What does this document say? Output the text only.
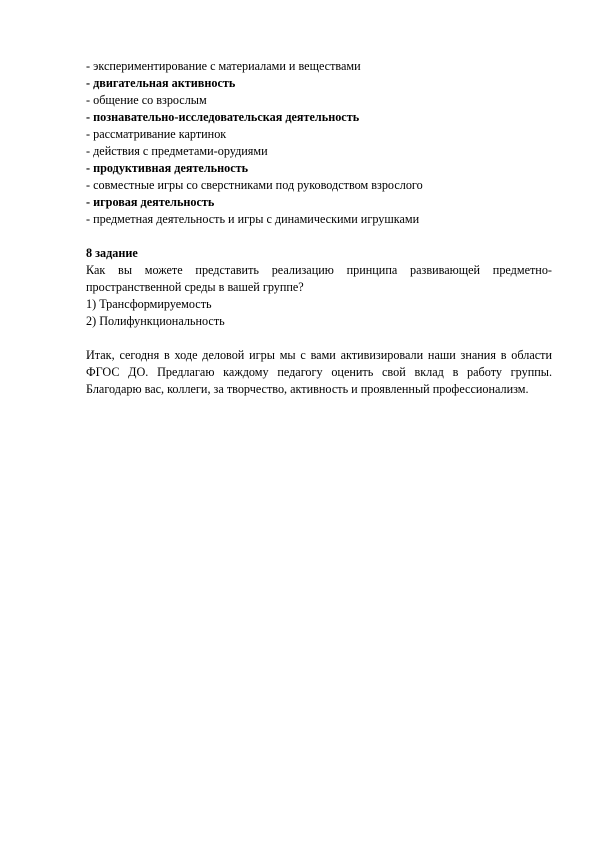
- экспериментирование с материалами и веществами
- двигательная активность
- общение со взрослым
- познавательно-исследовательская деятельность
- рассматривание картинок
- действия с предметами-орудиями
- продуктивная деятельность
- совместные игры со сверстниками под руководством взрослого
- игровая деятельность
- предметная деятельность и игры с динамическими игрушками
8 задание

Как вы можете представить реализацию принципа развивающей предметно-пространственной среды в вашей группе?

1) Трансформируемость

2) Полифункциональность

Итак, сегодня в ходе деловой игры мы с вами активизировали наши знания в области ФГОС ДО. Предлагаю каждому педагогу оценить свой вклад в работу группы. Благодарю вас, коллеги, за творчество, активность и проявленный профессионализм.
